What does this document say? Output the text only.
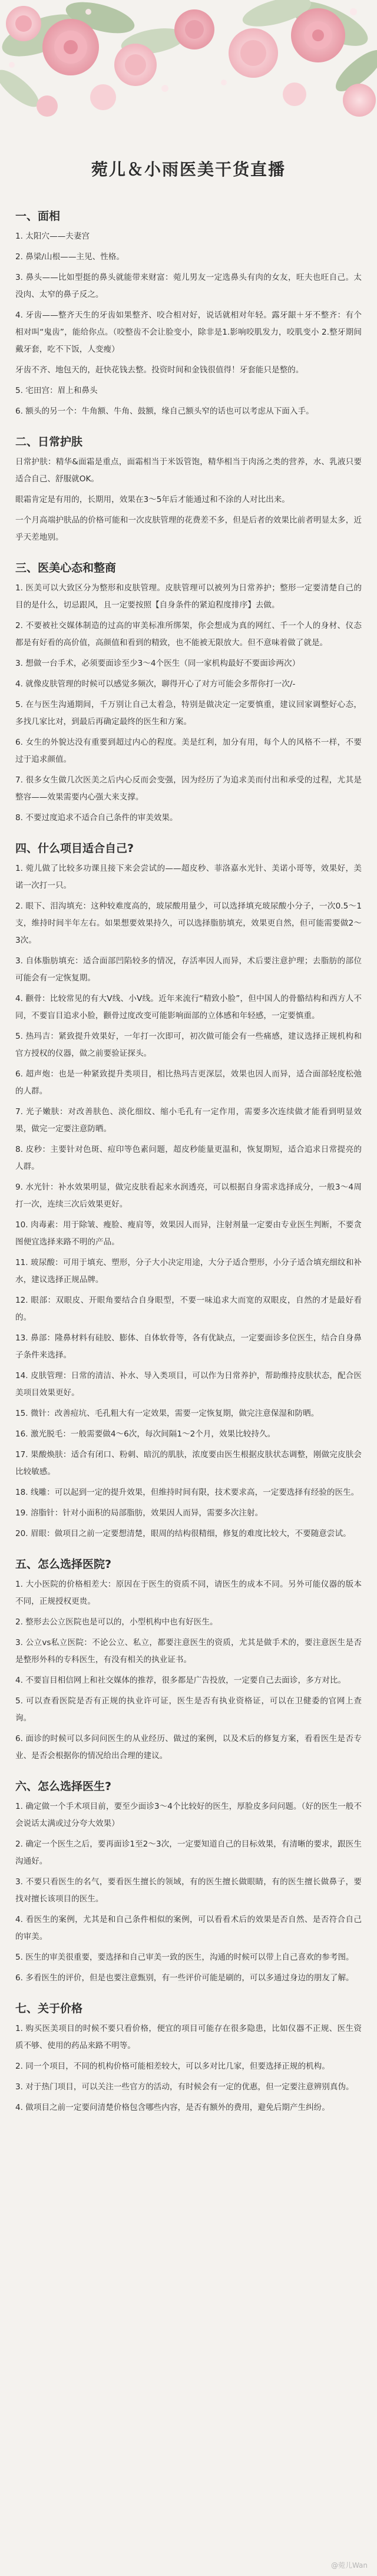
菀儿＆小雨医美干货直播
一、面相

1. 太阳穴——夫妻宫

2. 鼻梁/山根——主见、性格。

3. 鼻头——比如型挺的鼻头就能带来财富：菀儿男友一定选鼻头有肉的女友，旺夫也旺自己。太没肉、太窄的鼻子反之。

4. 牙齿——整齐天生的牙齿如果整齐、咬合相对好，说话就相对年轻。露牙龈＋牙不整齐：有个相对叫“鬼齿”，能给你点。（咬整齿不会让脸变小，除非是1.影响咬肌发力，咬肌变小 2.整牙期间戴牙套，吃不下饭，人变瘦）

牙齿不齐、地包天的，赶快花钱去整。投资时间和金钱很值得！牙套能只是整的。

5. 宅田宫：眉上和鼻头

6. 额头的另一个：牛角额、牛角、鼓额，缘自己额头窄的话也可以考虑从下面入手。

二、日常护肤

日常护肤：精华&面霜是重点，面霜相当于米饭管饱，精华相当于肉汤之类的营养，水、乳液只要适合自己、舒服就OK。

眼霜肯定是有用的，长期用，效果在3～5年后才能通过和不涂的人对比出来。

一个月高端护肤品的价格可能和一次皮肤管理的花费差不多，但是后者的效果比前者明显太多，近乎天差地别。

三、医美心态和整商

1. 医美可以大致区分为整形和皮肤管理。皮肤管理可以被列为日常养护；整形一定要清楚自己的目的是什么，切忌跟风，且一定要按照【自身条件的紧迫程度排序】去做。

2. 不要被社交媒体制造的过高的审美标准所绑架，你会想成为真的网红、千一个人的身材、仪态都是有好看的高价值，高颜值和看到的精致，也不能被无限放大。但不意味着做了就是。

3. 想做一台手术，必须要面诊至少3～4个医生（同一家机构最好不要面诊两次）

4. 就像皮肤管理的时候可以感觉多频次，聊得开心了对方可能会多帮你打一次/-

5. 在与医生沟通期间，千万别让自己太着急，特别是做决定一定要慎重，建议回家调整好心态，多找几家比对，到最后再确定最终的医生和方案。

6. 女生的外貌达没有重要到超过内心的程度。美是红利，加分有用，每个人的风格不一样，不要过于追求颜值。

7. 很多女生做几次医美之后内心反而会变强，因为经历了为追求美而付出和承受的过程，尤其是整容——效果需要内心强大来支撑。

8. 不要过度追求不适合自己条件的审美效果。

四、什么项目适合自己?

1. 菀儿做了比较多功课且接下来会尝试的——超皮秒、菲洛嘉水光针、美诺小哥等，效果好，美诺一次打一只。

2. 眼下、泪沟填充：这种较难度高的，玻尿酸用量少，可以选择填充玻尿酸小分子，一次0.5～1支，维持时间半年左右。如果想要效果持久，可以选择脂肪填充，效果更自然，但可能需要做2～3次。

3. 自体脂肪填充：适合面部凹陷较多的情况，存活率因人而异，术后要注意护理；去脂肪的部位可能会有一定恢复期。

4. 颧骨：比较常见的有大V线、小V线。近年来流行“精致小脸”，但中国人的骨骼结构和西方人不同，不要盲目追求小脸，颧骨过度改变可能影响面部的立体感和年轻感，一定要慎重。

5. 热玛吉：紧致提升效果好，一年打一次即可，初次做可能会有一些痛感，建议选择正规机构和官方授权的仪器，做之前要验证探头。

6. 超声炮：也是一种紧致提升类项目，相比热玛吉更深层，效果也因人而异，适合面部轻度松弛的人群。

7. 光子嫩肤：对改善肤色、淡化细纹、缩小毛孔有一定作用，需要多次连续做才能看到明显效果，做完一定要注意防晒。

8. 皮秒：主要针对色斑、痘印等色素问题，超皮秒能量更温和，恢复期短，适合追求日常提亮的人群。

9. 水光针：补水效果明显，做完皮肤看起来水润透亮，可以根据自身需求选择成分，一般3～4周打一次，连续三次后效果更好。

10. 肉毒素：用于除皱、瘦脸、瘦肩等，效果因人而异，注射剂量一定要由专业医生判断，不要贪图便宜选择来路不明的产品。

11. 玻尿酸：可用于填充、塑形，分子大小决定用途，大分子适合塑形，小分子适合填充细纹和补水，建议选择正规品牌。

12. 眼部：双眼皮、开眼角要结合自身眼型，不要一味追求大而宽的双眼皮，自然的才是最好看的。

13. 鼻部：隆鼻材料有硅胶、膨体、自体软骨等，各有优缺点，一定要面诊多位医生，结合自身鼻子条件来选择。

14. 皮肤管理：日常的清洁、补水、导入类项目，可以作为日常养护，帮助维持皮肤状态，配合医美项目效果更好。

15. 微针：改善痘坑、毛孔粗大有一定效果，需要一定恢复期，做完注意保湿和防晒。

16. 激光脱毛：一般需要做4～6次，每次间隔1～2个月，效果比较持久。

17. 果酸焕肤：适合有闭口、粉刺、暗沉的肌肤，浓度要由医生根据皮肤状态调整，刚做完皮肤会比较敏感。

18. 线雕：可以起到一定的提升效果，但维持时间有限，技术要求高，一定要选择有经验的医生。

19. 溶脂针：针对小面积的局部脂肪，效果因人而异，需要多次注射。

20. 眉眼：做项目之前一定要想清楚，眼周的结构很精细，修复的难度比较大，不要随意尝试。

五、怎么选择医院?

1. 大小医院的价格相差大：原因在于医生的资质不同，请医生的成本不同。另外可能仪器的版本不同，正规授权更贵。

2. 整形去公立医院也是可以的，小型机构中也有好医生。

3. 公立vs私立医院：不论公立、私立，都要注意医生的资质，尤其是做手术的，要注意医生是否是整形外科的专科医生，有没有相关的执业证书。

4. 不要盲目相信网上和社交媒体的推荐，很多都是广告投放，一定要自己去面诊，多方对比。

5. 可以查看医院是否有正规的执业许可证，医生是否有执业资格证，可以在卫健委的官网上查询。

6. 面诊的时候可以多问问医生的从业经历、做过的案例，以及术后的修复方案，看看医生是否专业、是否会根据你的情况给出合理的建议。

六、怎么选择医生?

1. 确定做一个手术项目前，要至少面诊3～4个比较好的医生，厚脸皮多问问题。（好的医生一般不会说话太满或过分夸大效果）

2. 确定一个医生之后，要再面诊1至2～3次，一定要知道自己的目标效果，有清晰的要求，跟医生沟通好。

3. 不要只看医生的名气，要看医生擅长的领域，有的医生擅长做眼睛，有的医生擅长做鼻子，要找对擅长该项目的医生。

4. 看医生的案例，尤其是和自己条件相似的案例，可以看看术后的效果是否自然、是否符合自己的审美。

5. 医生的审美很重要，要选择和自己审美一致的医生，沟通的时候可以带上自己喜欢的参考图。

6. 多看医生的评价，但是也要注意甄别，有一些评价可能是刷的，可以多通过身边的朋友了解。

七、关于价格

1. 购买医美项目的时候不要只看价格，便宜的项目可能存在很多隐患，比如仪器不正规、医生资质不够、使用的药品来路不明等。

2. 同一个项目，不同的机构价格可能相差较大，可以多对比几家，但要选择正规的机构。

3. 对于热门项目，可以关注一些官方的活动，有时候会有一定的优惠，但一定要注意辨别真伪。

4. 做项目之前一定要问清楚价格包含哪些内容，是否有额外的费用，避免后期产生纠纷。

@菀儿Wan
